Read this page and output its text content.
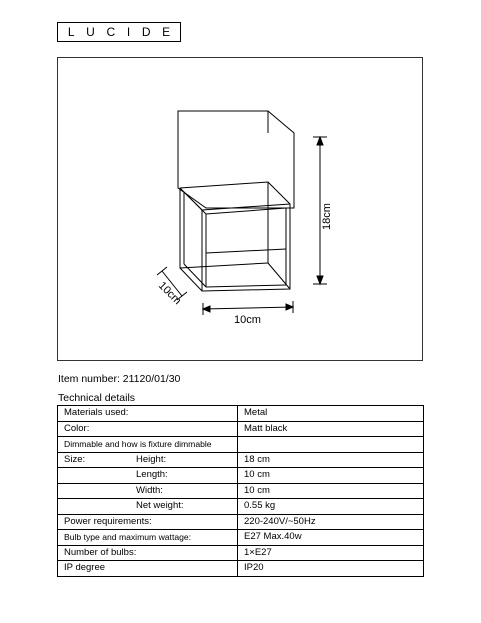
L U C I D E
18cm
10cm
10cm
Item number: 21120/01/30
Technical details
Materials used:	Metal
Color:	Matt black
Dimmable and how is fixture dimmable	
Size: Height:	18 cm
Length:	10 cm
Width:	10 cm
Net weight:	0.55 kg
Power requirements:	220-240V/~50Hz
Bulb type and maximum wattage:	E27 Max.40w
Number of bulbs:	1×E27
IP degree	IP20
